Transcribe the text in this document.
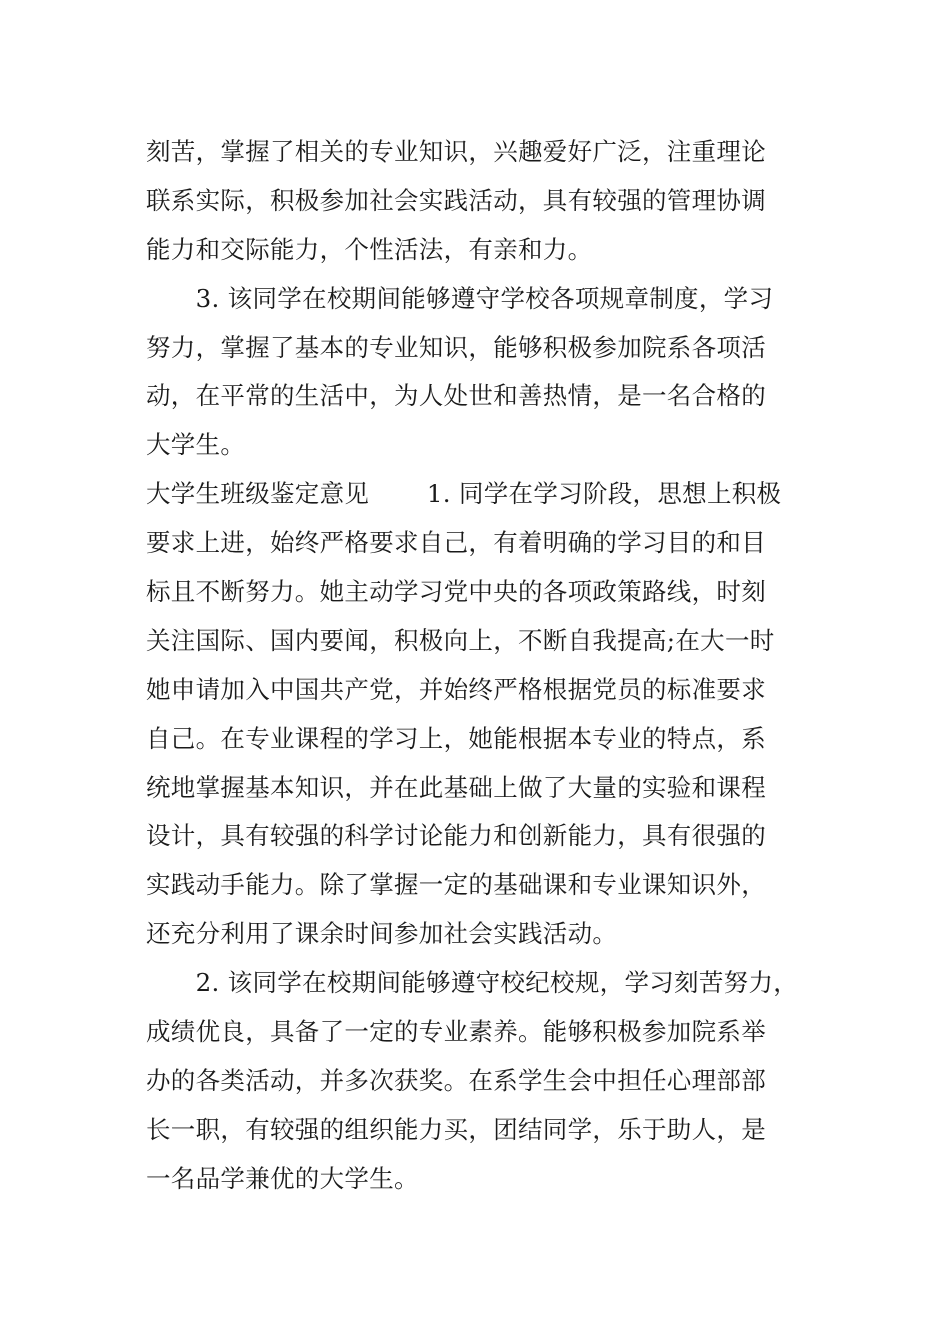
刻苦，掌握了相关的专业知识，兴趣爱好广泛，注重理论
联系实际，积极参加社会实践活动，具有较强的管理协调
能力和交际能力，个性活法，有亲和力。
　　3. 该同学在校期间能够遵守学校各项规章制度，学习
努力，掌握了基本的专业知识，能够积极参加院系各项活
动，在平常的生活中，为人处世和善热情，是一名合格的
大学生。
大学生班级鉴定意见　　 1. 同学在学习阶段，思想上积极
要求上进，始终严格要求自己，有着明确的学习目的和目
标且不断努力。她主动学习党中央的各项政策路线，时刻
关注国际、国内要闻，积极向上，不断自我提高;在大一时
她申请加入中国共产党，并始终严格根据党员的标准要求
自己。在专业课程的学习上，她能根据本专业的特点，系
统地掌握基本知识，并在此基础上做了大量的实验和课程
设计，具有较强的科学讨论能力和创新能力，具有很强的
实践动手能力。除了掌握一定的基础课和专业课知识外，
还充分利用了课余时间参加社会实践活动。
　　2. 该同学在校期间能够遵守校纪校规，学习刻苦努力，
成绩优良，具备了一定的专业素养。能够积极参加院系举
办的各类活动，并多次获奖。在系学生会中担任心理部部
长一职，有较强的组织能力买，团结同学，乐于助人，是
一名品学兼优的大学生。
